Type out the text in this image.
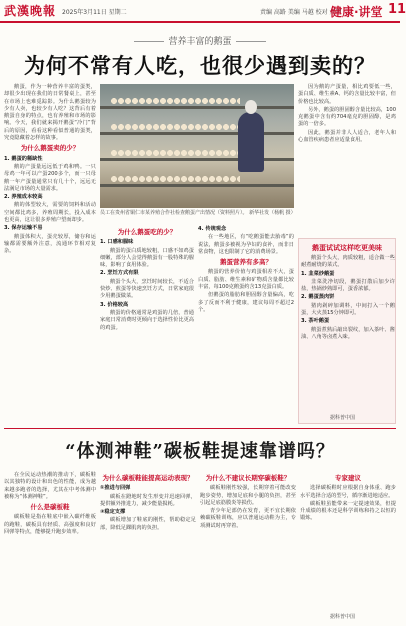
武漢晚報 2025年3月11日 星期二	责编 高路 美编 马越 校对 刘明
健康·讲堂 11
营养丰富的鹅蛋
为何不常有人吃，也很少遇到卖的？

鹅蛋，作为一种营养丰富的蛋类，却很少出现在我们的日常餐桌上，甚至在市场上也难觅踪影。为什么鹅蛋较为少有人卖，也较少有人吃？这背后有着鹅蛋自身的特点，也有养殖和市场的影响。今天，我们就来揭开鹅蛋“冷门”背后的原因，看看这种看似普通的蛋类，究竟隐藏着怎样的故事。

为什么鹅蛋卖的少？

1. 鹅蛋的稀缺性

鹅的产蛋量远远低于鸡和鸭。一只母鸡一年可以产蛋200多个，而一只母鹅一年产蛋量通常只有几十个，远远无法满足市场的大量需求。

2. 养殖成本较高

鹅的体型较大，需要的饲料和活动空间都比鸡多，养殖周期长，投入成本也更高，这让很多养殖户望而却步。

3. 保存运输不易

鹅蛋体积大，蛋壳较厚，储存和运输都需要额外注意，流通环节相对复杂。

员工在贵州省铜仁市某养殖合作社检查鹅蛋产出情况（资料照片）。 新华社发（杨帆 摄）

为什么鹅蛋吃的少？

1. 口感和腥味

鹅蛋的蛋白质地较粗，口感不如鸡蛋细嫩，部分人会觉得鹅蛋有一股特殊的腥味，影响了食用体验。

2. 烹饪方式有限

鹅蛋个头大，烹饪时间较长，不适合快炒、煎蛋等快速烹饪方式，日常家庭很少用鹅蛋做菜。

3. 价格较高

鹅蛋的价格通常是鸡蛋的几倍，普通家庭日常消费时更倾向于选择性价比更高的鸡蛋。

4. 传统观念

在一些地区，有“吃鹅蛋能去胎毒”的说法，鹅蛋多被视为孕妇的食补，而非日常食物，这也限制了它的消费场景。

鹅蛋营养有多高？

鹅蛋的营养价值与鸡蛋相差不大，蛋白质、脂肪、维生素和矿物质含量都比较丰富，每100克鹅蛋约含13克蛋白质。

但鹅蛋的脂肪和胆固醇含量偏高，吃多了反而不利于健康，建议每周不超过2个。

因为鹅的产蛋量，相比鸡要低一些，蛋白质、维生素A、钙的含量比较丰富，但价格也比较高。

另外，鹅蛋的胆固醇含量比较高，100克鹅蛋中含有约704毫克的胆固醇，是鸡蛋的一倍多。

因此，鹅蛋并非人人适合，老年人和心血管疾病患者应适量食用。

鹅蛋试试这样吃更美味

鹅蛋个头大，肉质较粗，适合做一些耐煮耐烧的菜式。

1. 韭菜炒鹅蛋

韭菜洗净切段，鹅蛋打散后加少许盐，热锅炒熟即可，蛋香浓郁。

2. 鹅蛋蒸肉饼

猪肉剁碎加调料，中间打入一个鹅蛋，大火蒸15分钟即可。

3. 茶叶鹅蛋

鹅蛋煮熟后敲出裂纹，加入茶叶、酱油、八角等卤煮入味。

据科普中国
“体测神鞋”碳板鞋提速靠谱吗？

在全民运动热潮的推动下，碳板鞋以其独特的设计和出色的性能，成为越来越多跑者的选择，尤其在中考体测中被称为“体测神鞋”。

什么是碳板鞋

碳板鞋是指在鞋底中嵌入碳纤维板的跑鞋，碳板具有轻质、高强度和良好回弹等特点，能够提升跑步效率。

为什么碳板鞋能提高运动表现？

①推进与回弹

碳板在蹬地时发生形变并迅速回弹，提供额外推进力，减少能量损耗。

②稳定支撑

碳板增加了鞋底的刚性，帮助稳定足部，降低足踝肌肉的负担。

为什么不建议长期穿碳板鞋？

碳板鞋刚性较强，长期穿着可能改变跑步姿势，增加足底和小腿的负担，甚至引起足底筋膜炎等损伤。

青少年足部仍在发育，更不宜长期依赖碳板鞋训练，应以普通运动鞋为主，专项测试时再穿着。

专家建议

选择碳板鞋时应根据自身体重、跑步水平选择合适的型号，循序渐进地适应。

碳板鞋虽能带来一定提速效果，但提升成绩的根本还是科学训练和持之以恒的锻炼。

据科普中国
